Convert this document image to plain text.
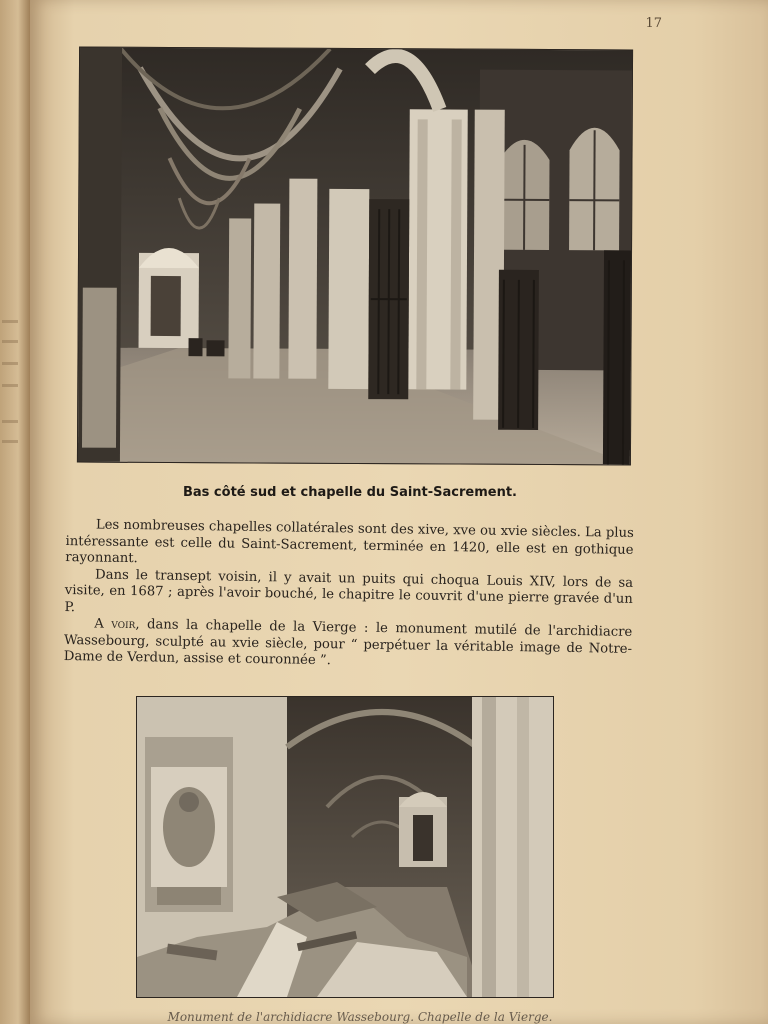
17
Bas côté sud et chapelle du Saint-Sacrement.

Les nombreuses chapelles collatérales sont des xive, xve ou xvie siècles. La plus intéressante est celle du Saint-Sacrement, terminée en 1420, elle est en gothique rayonnant.

Dans le transept voisin, il y avait un puits qui choqua Louis XIV, lors de sa visite, en 1687 ; après l'avoir bouché, le chapitre le couvrit d'une pierre gravée d'un P.

A voir, dans la chapelle de la Vierge : le monument mutilé de l'archidiacre Wassebourg, sculpté au xvie siècle, pour “ perpétuer la véritable image de Notre-Dame de Verdun, assise et couronnée ”.

Monument de l'archidiacre Wassebourg. Chapelle de la Vierge.
